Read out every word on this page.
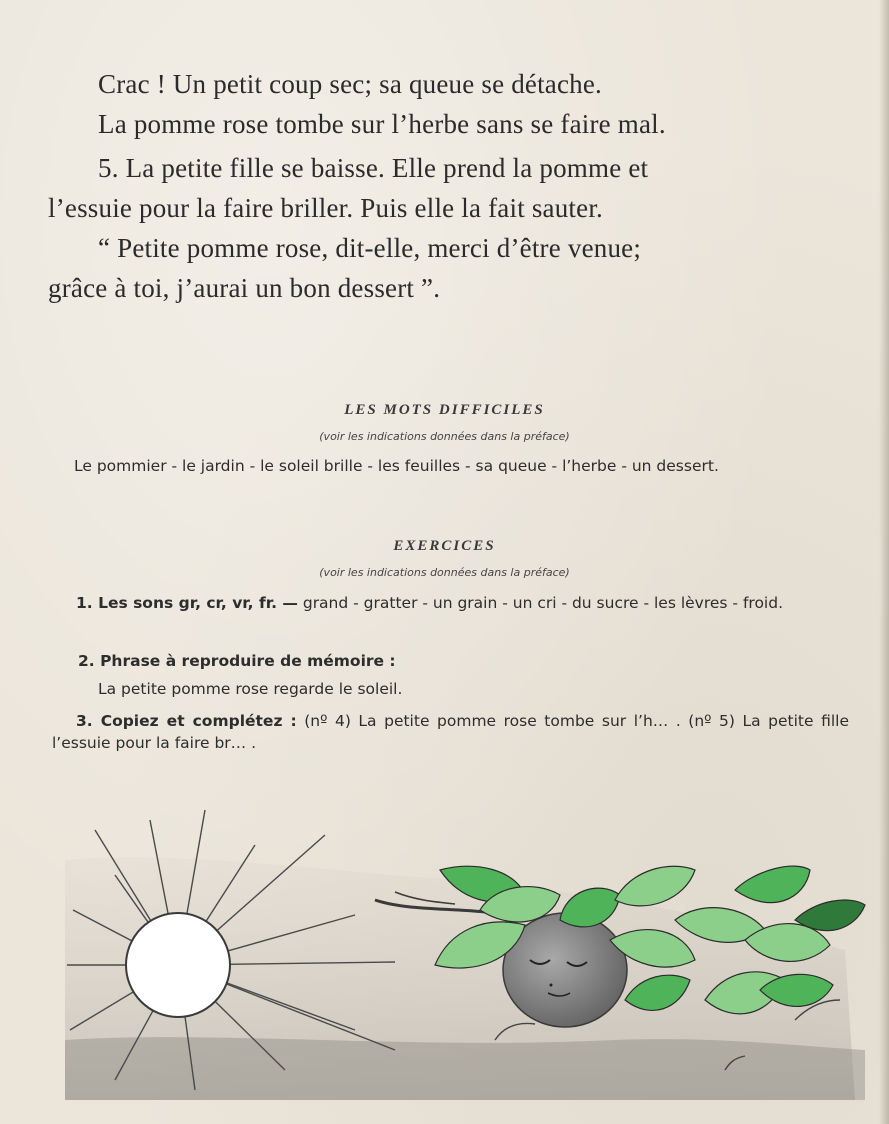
Crac ! Un petit coup sec; sa queue se détache.

La pomme rose tombe sur l’herbe sans se faire mal.

5. La petite fille se baisse. Elle prend la pomme et

l’essuie pour la faire briller. Puis elle la fait sauter.

“ Petite pomme rose, dit-elle, merci d’être venue;

grâce à toi, j’aurai un bon dessert ”.

LES MOTS DIFFICILES
(voir les indications données dans la préface)
Le pommier - le jardin - le soleil brille - les feuilles - sa queue - l’herbe - un dessert.
EXERCICES
(voir les indications données dans la préface)
1. Les sons gr, cr, vr, fr. — grand - gratter - un grain - un cri - du sucre - les lèvres - froid.
2. Phrase à reproduire de mémoire :
La petite pomme rose regarde le soleil.
3. Copiez et complétez : (nº 4) La petite pomme rose tombe sur l’h… . (nº 5) La petite fille l’essuie pour la faire br… .
